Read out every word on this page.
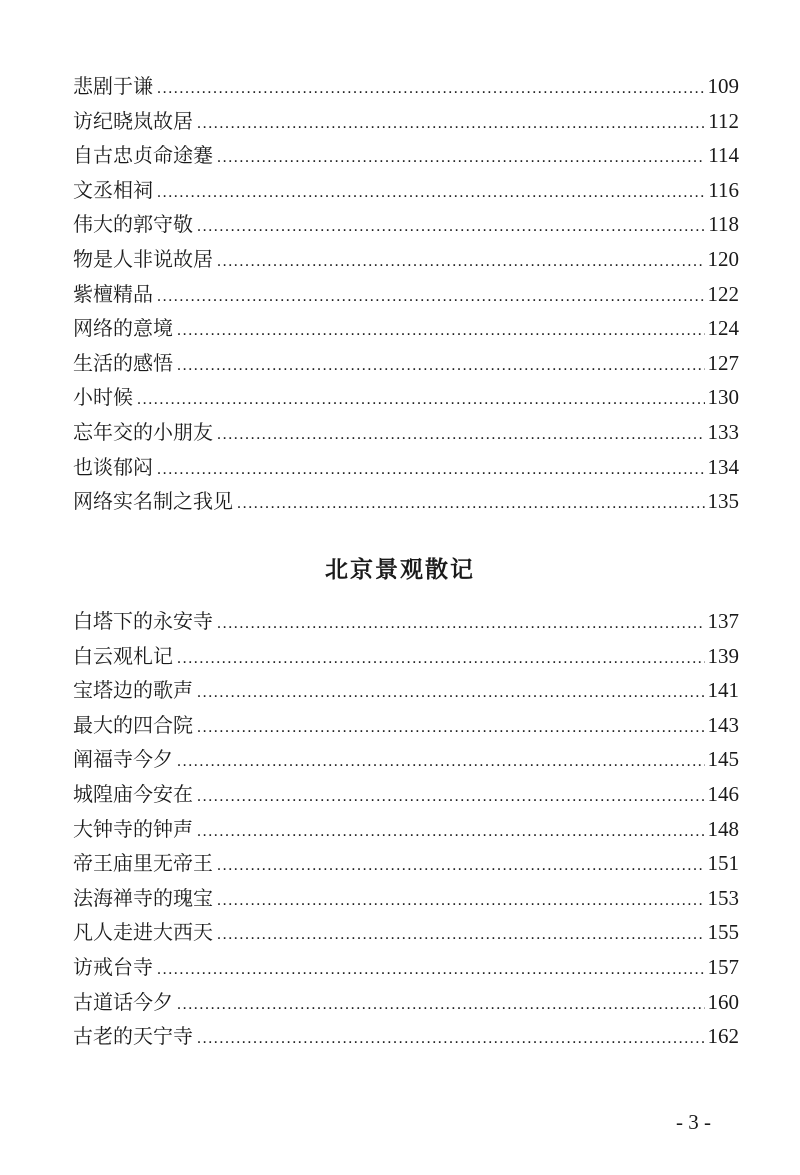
悲剧于谦 .....	109
访纪晓岚故居 .....	112
自古忠贞命途蹇 .....	114
文丞相祠 .....	116
伟大的郭守敬 .....	118
物是人非说故居 .....	120
紫檀精品 .....	122
网络的意境 .....	124
生活的感悟 .....	127
小时候 .....	130
忘年交的小朋友 .....	133
也谈郁闷 .....	134
网络实名制之我见 .....	135
北京景观散记
白塔下的永安寺 .....	137
白云观札记 .....	139
宝塔边的歌声 .....	141
最大的四合院 .....	143
阐福寺今夕 .....	145
城隍庙今安在 .....	146
大钟寺的钟声 .....	148
帝王庙里无帝王 .....	151
法海禅寺的瑰宝 .....	153
凡人走进大西天 .....	155
访戒台寺 .....	157
古道话今夕 .....	160
古老的天宁寺 .....	162
- 3 -
